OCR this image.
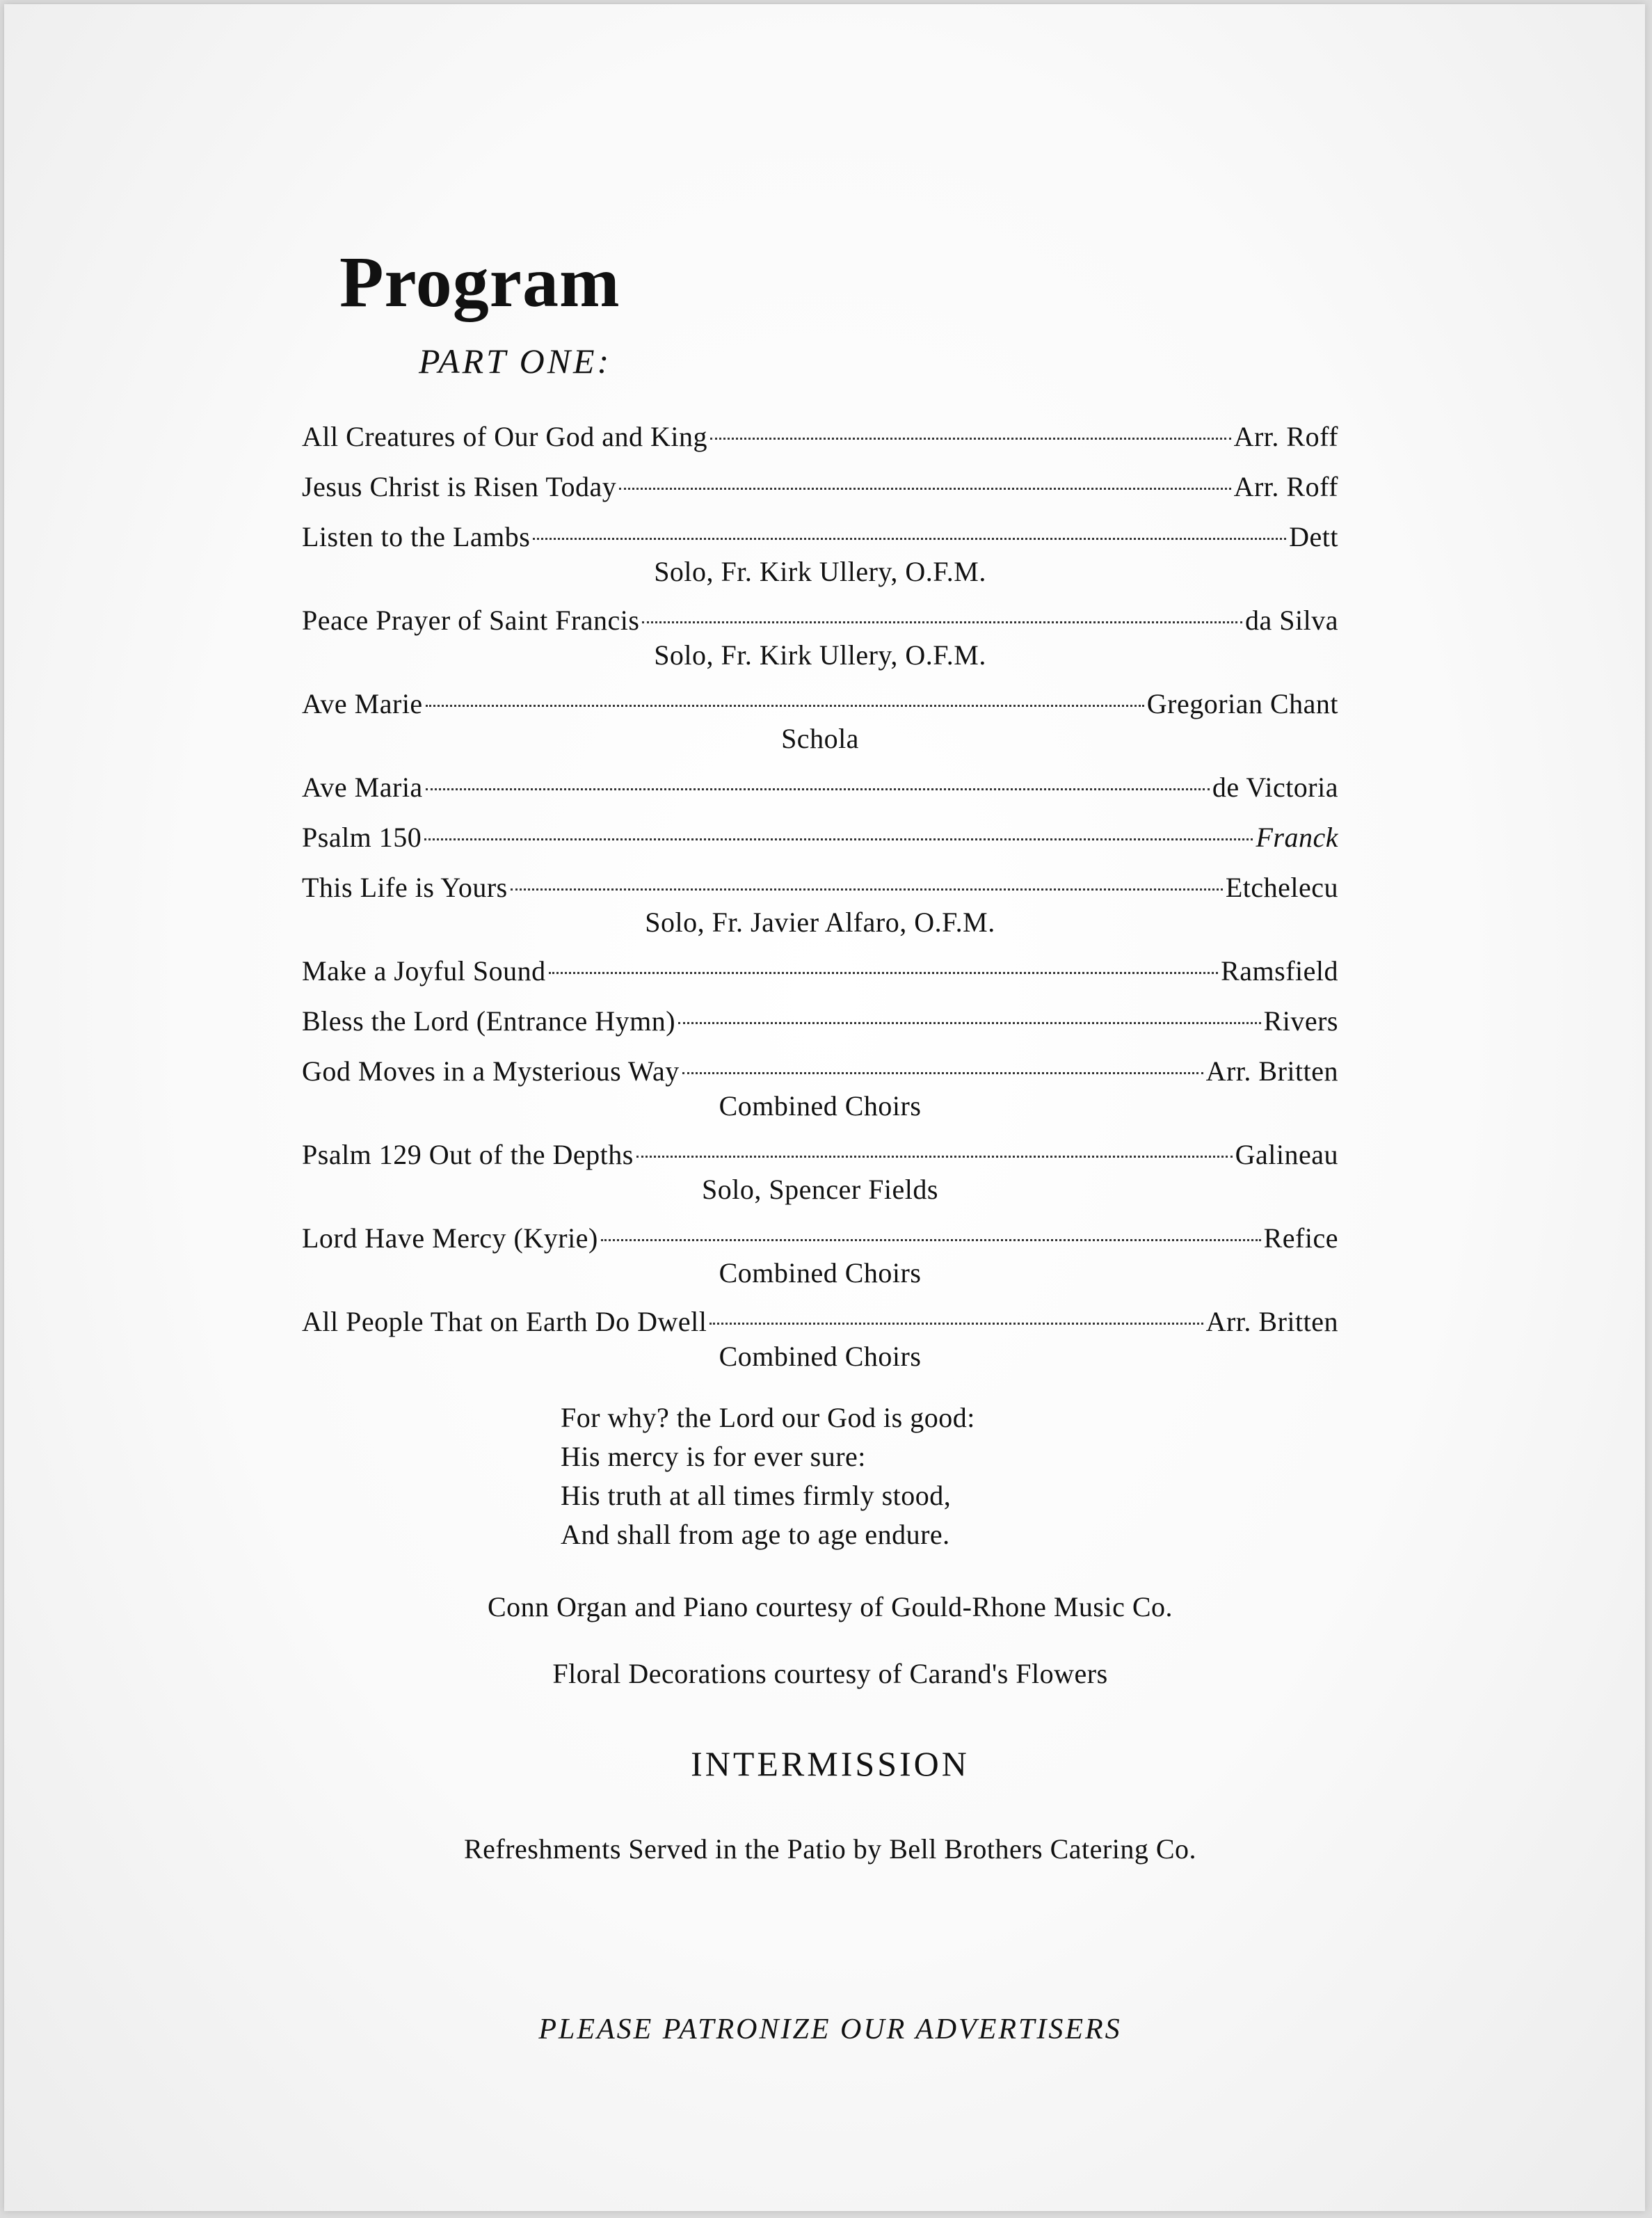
Program
PART ONE:
All Creatures of Our God and King	Arr. Roff
Jesus Christ is Risen Today	Arr. Roff
Listen to the Lambs	Dett
Solo, Fr. Kirk Ullery, O.F.M.
Peace Prayer of Saint Francis	da Silva
Solo, Fr. Kirk Ullery, O.F.M.
Ave Marie	Gregorian Chant
Schola
Ave Maria	de Victoria
Psalm 150	Franck
This Life is Yours	Etchelecu
Solo, Fr. Javier Alfaro, O.F.M.
Make a Joyful Sound	Ramsfield
Bless the Lord (Entrance Hymn)	Rivers
God Moves in a Mysterious Way	Arr. Britten
Combined Choirs
Psalm 129 Out of the Depths	Galineau
Solo, Spencer Fields
Lord Have Mercy (Kyrie)	Refice
Combined Choirs
All People That on Earth Do Dwell	Arr. Britten
Combined Choirs
For why? the Lord our God is good:
His mercy is for ever sure:
His truth at all times firmly stood,
And shall from age to age endure.
Conn Organ and Piano courtesy of Gould-Rhone Music Co.
Floral Decorations courtesy of Carand's Flowers
INTERMISSION
Refreshments Served in the Patio by Bell Brothers Catering Co.
PLEASE PATRONIZE OUR ADVERTISERS
